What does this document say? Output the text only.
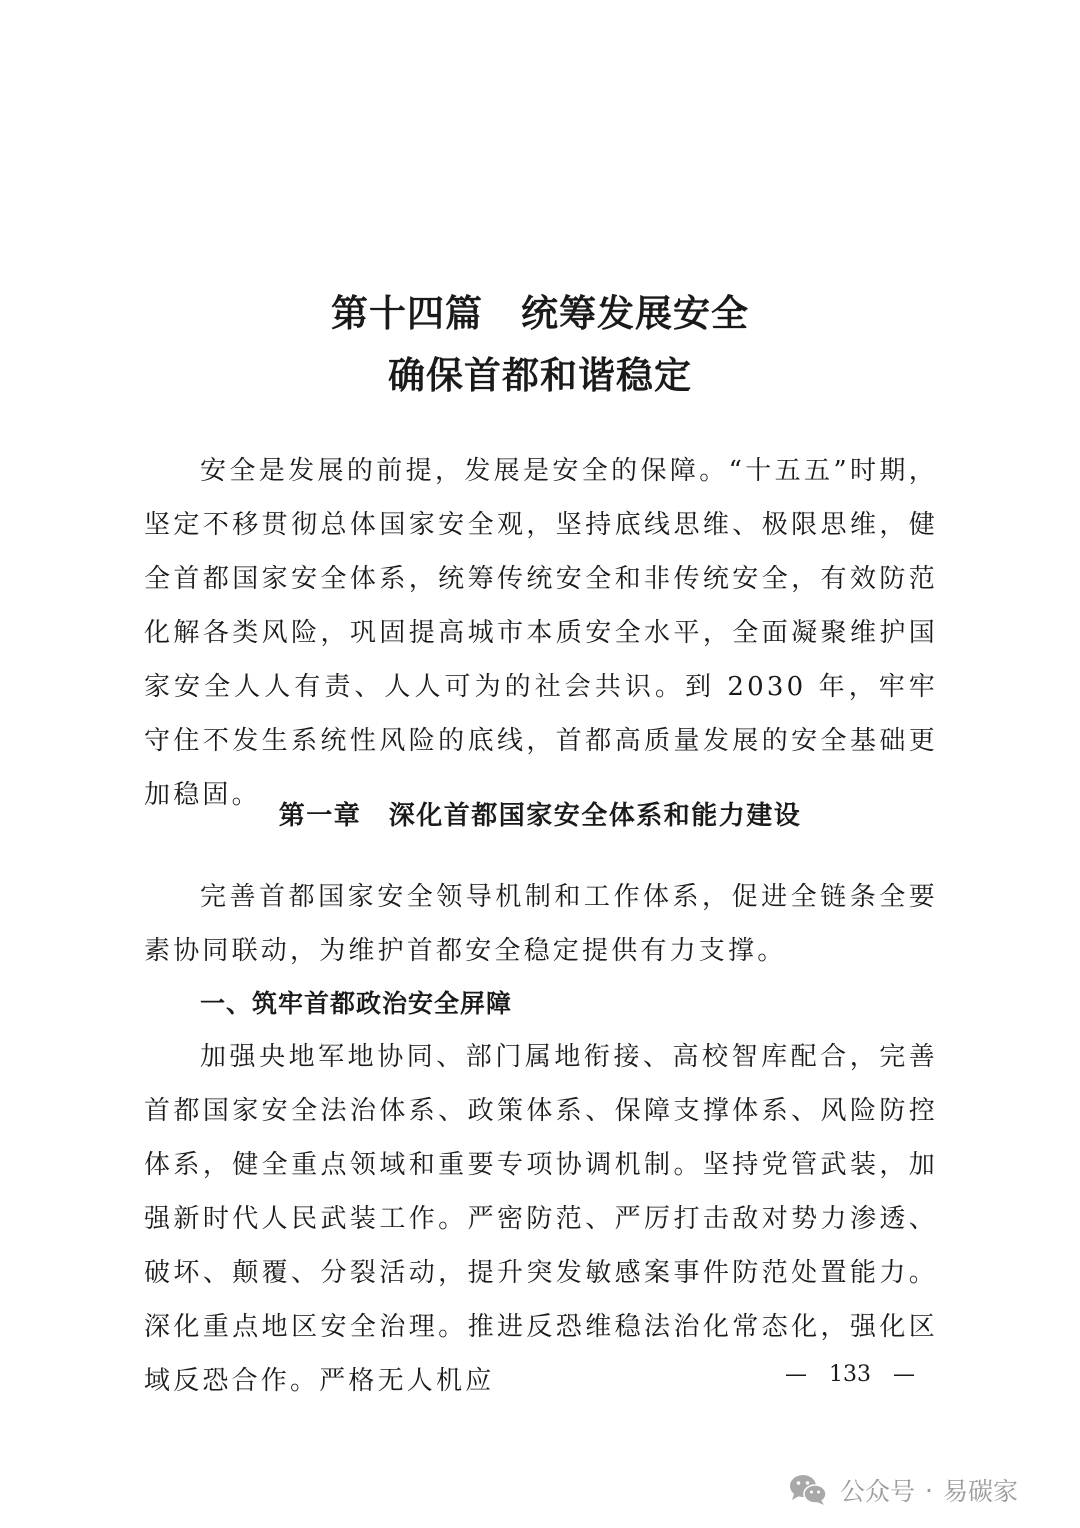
第十四篇　统筹发展安全
确保首都和谐稳定

安全是发展的前提，发展是安全的保障。“十五五”时期，坚定不移贯彻总体国家安全观，坚持底线思维、极限思维，健全首都国家安全体系，统筹传统安全和非传统安全，有效防范化解各类风险，巩固提高城市本质安全水平，全面凝聚维护国家安全人人有责、人人可为的社会共识。到 2030 年，牢牢守住不发生系统性风险的底线，首都高质量发展的安全基础更加稳固。

第一章　深化首都国家安全体系和能力建设

完善首都国家安全领导机制和工作体系，促进全链条全要素协同联动，为维护首都安全稳定提供有力支撑。

一、筑牢首都政治安全屏障

加强央地军地协同、部门属地衔接、高校智库配合，完善首都国家安全法治体系、政策体系、保障支撑体系、风险防控体系，健全重点领域和重要专项协调机制。坚持党管武装，加强新时代人民武装工作。严密防范、严厉打击敌对势力渗透、破坏、颠覆、分裂活动，提升突发敏感案事件防范处置能力。深化重点地区安全治理。推进反恐维稳法治化常态化，强化区域反恐合作。严格无人机应	—　133　—
公众号 · 易碳家
